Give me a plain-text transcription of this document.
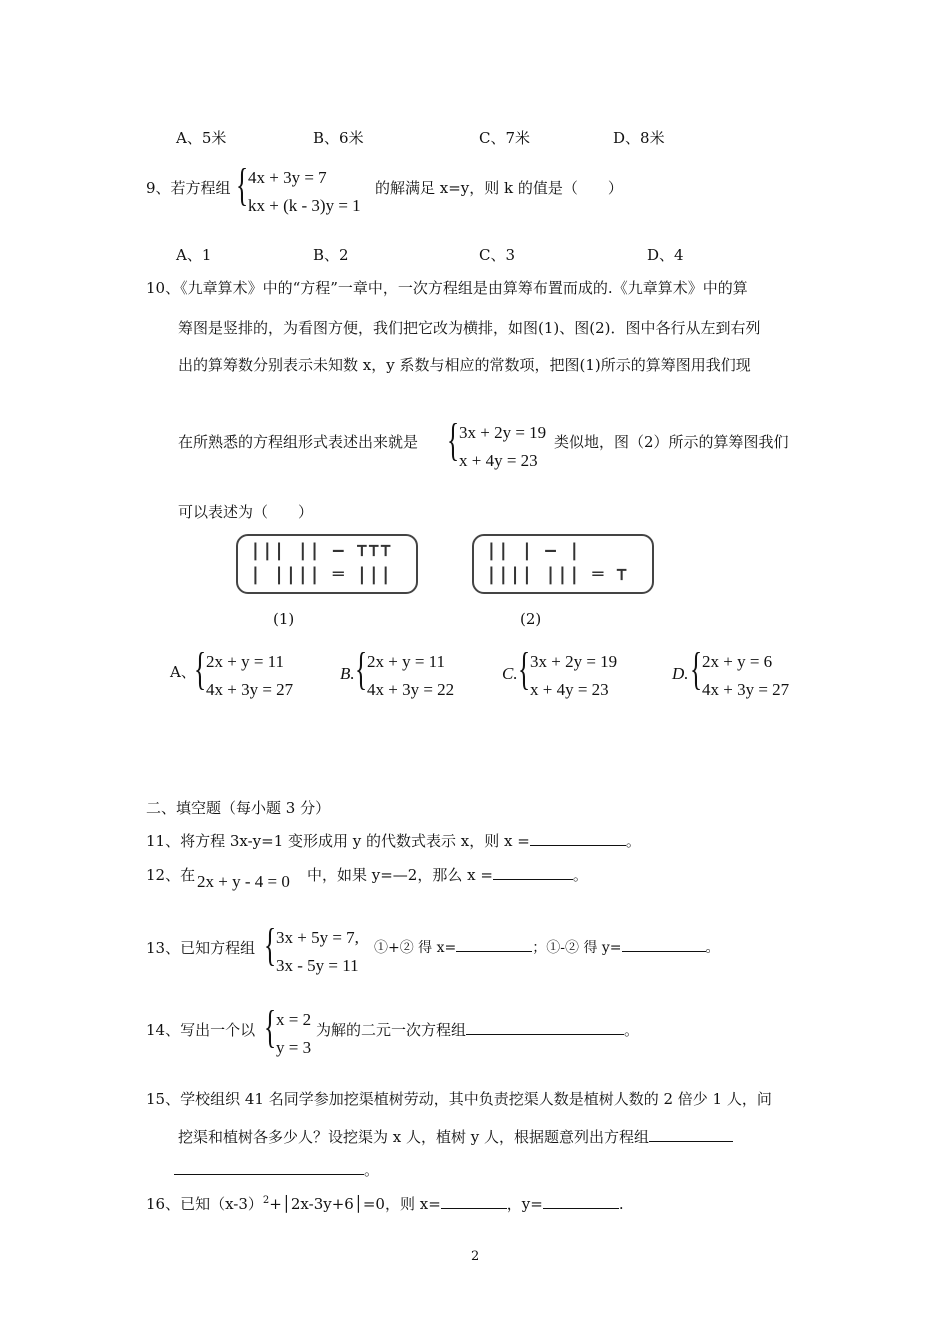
A、5米	B、6米	C、7米	D、8米
9、若方程组 { 4x + 3y = 7
kx + (k - 3)y = 1
的解满足 x=y，则 k 的值是（　　）
A、1	B、2	C、3	D、4
10、《九章算术》中的“方程”一章中，一次方程组是由算筹布置而成的.《九章算术》中的算
筹图是竖排的，为看图方便，我们把它改为横排，如图(1)、图(2)．图中各行从左到右列
出的算筹数分别表示未知数 x，y 系数与相应的常数项，把图(1)所示的算筹图用我们现
在所熟悉的方程组形式表述出来就是 { 3x + 2y = 19
x + 4y = 23
类似地，图（2）所示的算筹图我们
可以表述为（　　）
||| || — ⊤⊤⊤
| |||| ═ |||
(1)
|| | — |
|||| ||| ═ ⊤
(2)
A、
{ 2x + y = 11
4x + 3y = 27
B. { 2x + y = 11
4x + 3y = 22
C. { 3x + 2y = 19
x + 4y = 23
D. { 2x + y = 6
4x + 3y = 27
二、填空题（每小题 3 分）
11、将方程 3x-y=1 变形成用 y 的代数式表示 x，则 x =	。
12、在 2x + y - 4 = 0 中，如果 y=—2，那么 x =	。
13、已知方程组 { 3x + 5y = 7,
3x - 5y = 11
①+② 得 x=	；①-② 得 y=	。
14、写出一个以 { x = 2
y = 3
为解的二元一次方程组	。
15、学校组织 41 名同学参加挖渠植树劳动，其中负责挖渠人数是植树人数的 2 倍少 1 人，问
挖渠和植树各多少人？设挖渠为 x 人，植树 y 人，根据题意列出方程组
。
16、已知$(x-3)^2+│2x-3y+6│=0$，则 x=	，y=	.
2
